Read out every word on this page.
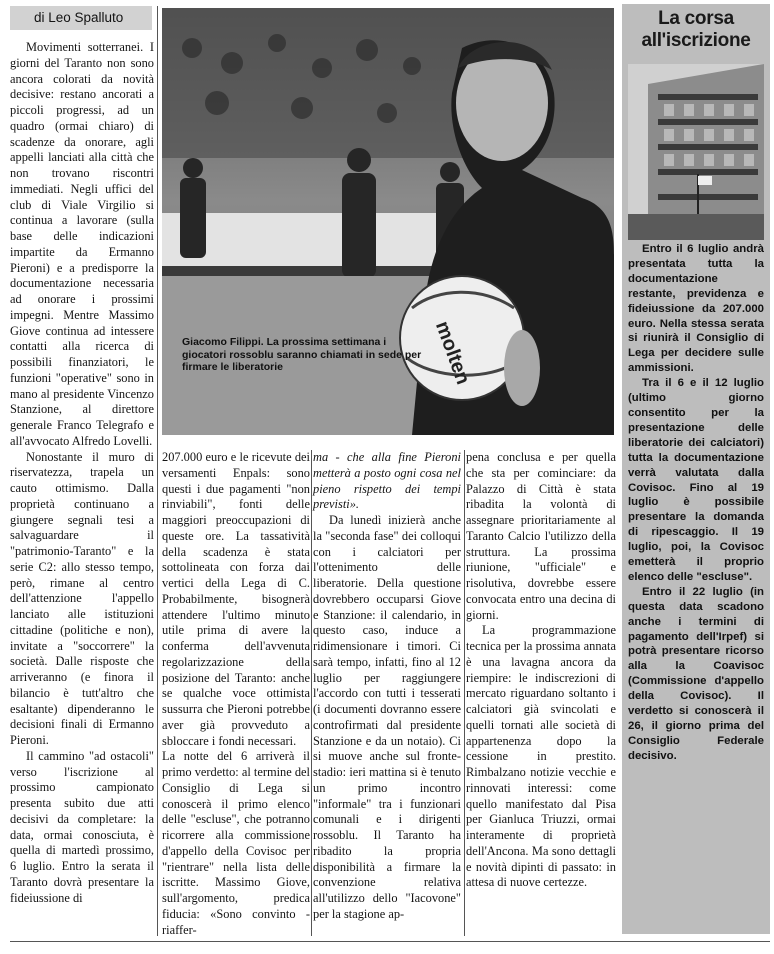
di Leo Spalluto

Movimenti sotterranei. I giorni del Taranto non sono ancora colorati da novità decisive: restano ancorati a piccoli progressi, ad un quadro (ormai chiaro) di scadenze da onorare, agli appelli lanciati alla città che non trovano riscontri immediati. Negli uffici del club di Viale Virgilio si continua a lavorare (sulla base delle indicazioni impartite da Ermanno Pieroni) e a predisporre la documentazione necessaria ad onorare i prossimi impegni. Mentre Massimo Giove continua ad intessere contatti alla ricerca di possibili finanziatori, le funzioni "operative" sono in mano al presidente Vincenzo Stanzione, al direttore generale Franco Telegrafo e all'avvocato Alfredo Lovelli.

Nonostante il muro di riservatezza, trapela un cauto ottimismo. Dalla proprietà continuano a giungere segnali tesi a salvaguardare il "patrimonio-Taranto" e la serie C2: allo stesso tempo, però, rimane al centro dell'attenzione l'appello lanciato alle istituzioni cittadine (politiche e non), invitate a "soccorrere" la società. Dalle risposte che arriveranno (e finora il bilancio è tutt'altro che esaltante) dipenderanno le decisioni finali di Ermanno Pieroni.

Il cammino "ad ostacoli" verso l'iscrizione al prossimo campionato presenta subito due atti decisivi da completare: la data, ormai conosciuta, è quella di martedì prossimo, 6 luglio. Entro la serata il Taranto dovrà presentare la fideiussione di

molten
Giacomo Filippi. La prossima settimana i giocatori rossoblu saranno chiamati in sede per firmare le liberatorie

207.000 euro e le ricevute dei versamenti Enpals: sono questi i due pagamenti "non rinviabili", fonti delle maggiori preoccupazioni di queste ore. La tassatività della scadenza è stata sottolineata con forza dai vertici della Lega di C. Probabilmente, bisognerà attendere l'ultimo minuto utile prima di avere la conferma dell'avvenuta regolarizzazione della posizione del Taranto: anche se qualche voce ottimista sussurra che Pieroni potrebbe aver già provveduto a sbloccare i fondi necessari.

La notte del 6 arriverà il primo verdetto: al termine del Consiglio di Lega si conoscerà il primo elenco delle "escluse", che potranno ricorrere alla commissione d'appello della Covisoc per "rientrare" nella lista delle iscritte. Massimo Giove, sull'argomento, predica fiducia: «Sono convinto - riaffer-

ma - che alla fine Pieroni metterà a posto ogni cosa nel pieno rispetto dei tempi previsti».

Da lunedì inizierà anche la "seconda fase" dei colloqui con i calciatori per l'ottenimento delle liberatorie. Della questione dovrebbero occuparsi Giove e Stanzione: il calendario, in questo caso, induce a ridimensionare i timori. Ci sarà tempo, infatti, fino al 12 luglio per raggiungere l'accordo con tutti i tesserati (i documenti dovranno essere controfirmati dal presidente Stanzione e da un notaio). Ci si muove anche sul fronte-stadio: ieri mattina si è tenuto un primo incontro "informale" tra i funzionari comunali e i dirigenti rossoblu. Il Taranto ha ribadito la propria disponibilità a firmare la convenzione relativa all'utilizzo dello "Iacovone" per la stagione ap-

pena conclusa e per quella che sta per cominciare: da Palazzo di Città è stata ribadita la volontà di assegnare prioritariamente al Taranto Calcio l'utilizzo della struttura. La prossima riunione, "ufficiale" e risolutiva, dovrebbe essere convocata entro una decina di giorni.

La programmazione tecnica per la prossima annata è una lavagna ancora da riempire: le indiscrezioni di mercato riguardano soltanto i calciatori già svincolati e quelli tornati alle società di appartenenza dopo la cessione in prestito. Rimbalzano notizie vecchie e rinnovati interessi: come quello manifestato dal Pisa per Gianluca Triuzzi, ormai interamente di proprietà dell'Ancona. Ma sono dettagli e novità dipinti di passato: in attesa di nuove certezze.

La corsa
all'iscrizione

Entro il 6 luglio andrà presentata tutta la documentazione restante, previdenza e fideiussione da 207.000 euro. Nella stessa serata si riunirà il Consiglio di Lega per decidere sulle ammissioni.

Tra il 6 e il 12 luglio (ultimo giorno consentito per la presentazione delle liberatorie dei calciatori) tutta la documentazione verrà valutata dalla Covisoc. Fino al 19 luglio è possibile presentare la domanda di ripescaggio. Il 19 luglio, poi, la Covisoc emetterà il proprio elenco delle "escluse".

Entro il 22 luglio (in questa data scadono anche i termini di pagamento dell'Irpef) si potrà presentare ricorso alla la Coavisoc (Commissione d'appello della Covisoc). Il verdetto si conoscerà il 26, il giorno prima del Consiglio Federale decisivo.
